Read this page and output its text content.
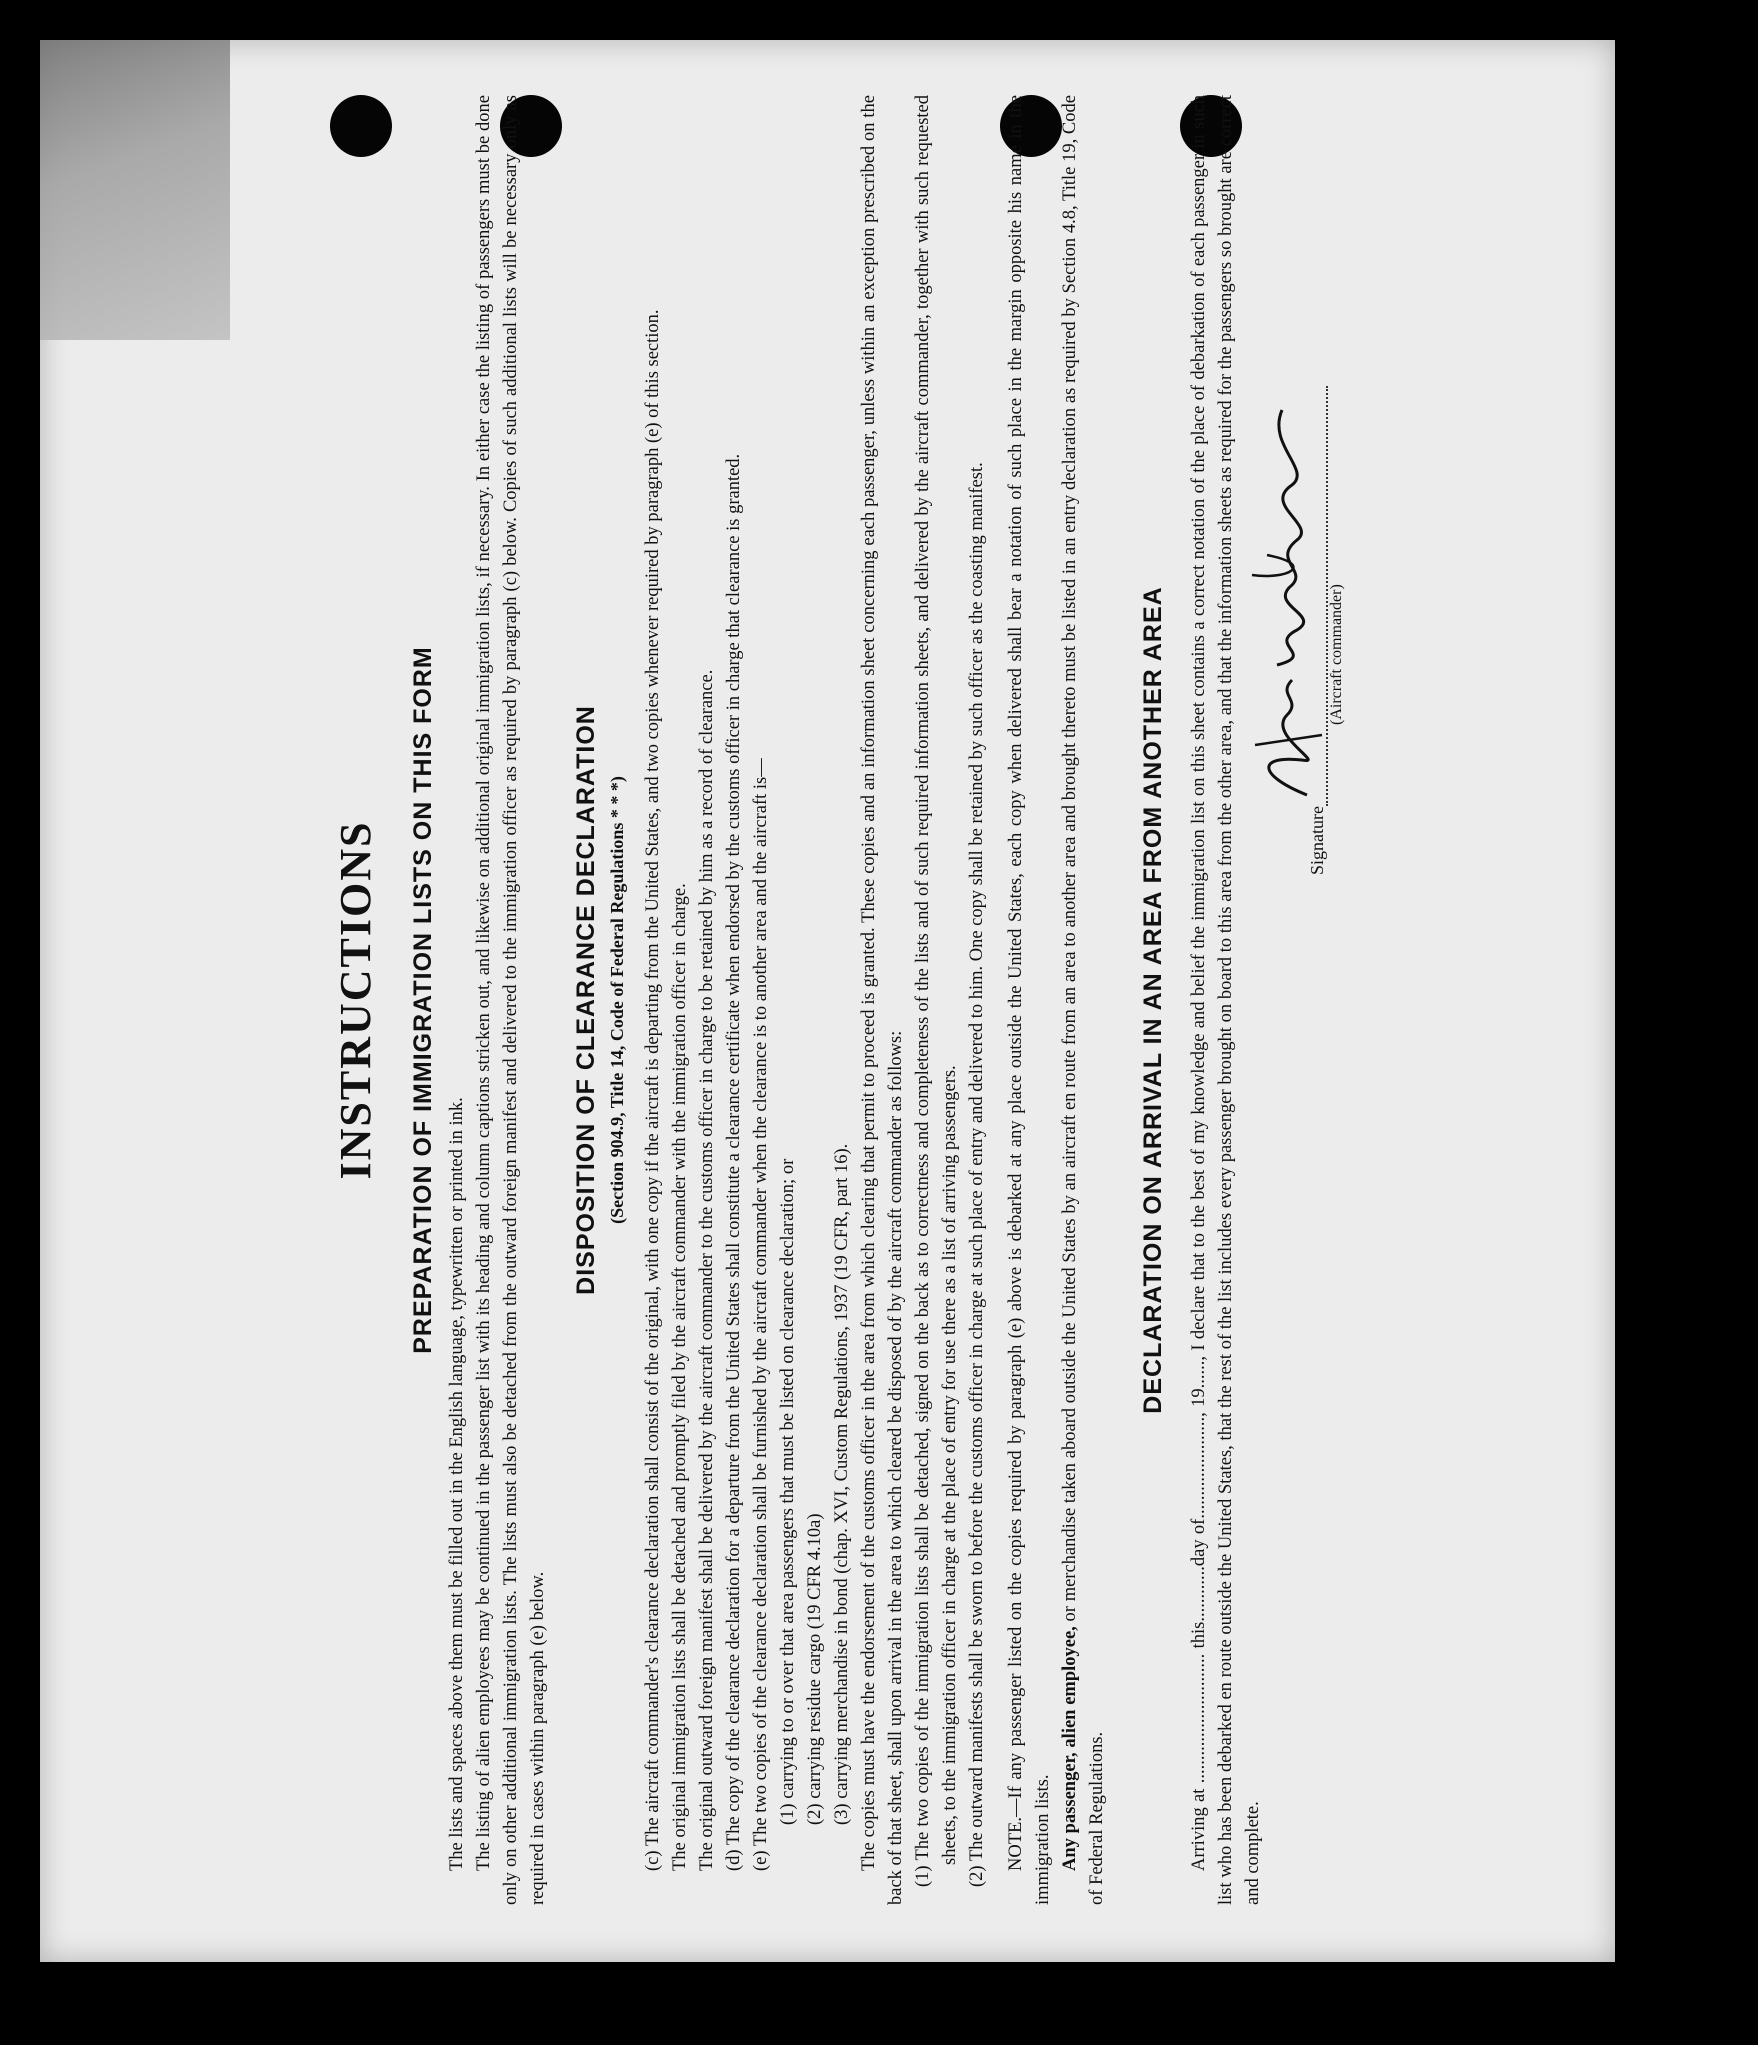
INSTRUCTIONS PREPARATION OF IMMIGRATION LISTS ON THIS FORM

The lists and spaces above them must be filled out in the English language, typewritten or printed in ink. The listing of alien employees may be continued in the passenger list with its heading and column captions stricken out, and likewise on additional original immigration lists, if necessary. In either case the listing of passengers must be done only on other additional immigration lists. The lists must also be detached from the outward foreign manifest and delivered to the immigration officer as required by paragraph (c) below. Copies of such additional lists will be necessary only as required in cases within paragraph (e) below.

DISPOSITION OF CLEARANCE DECLARATION (Section 904.9, Title 14, Code of Federal Regulations * * *) (c) The aircraft commander's clearance declaration shall consist of the original, with one copy if the aircraft is departing from the United States, and two copies whenever required by paragraph (e) of this section. The original immigration lists shall be detached and promptly filed by the aircraft commander with the immigration officer in charge. The original outward foreign manifest shall be delivered by the aircraft commander to the customs officer in charge to be retained by him as a record of clearance. (d) The copy of the clearance declaration for a departure from the United States shall constitute a clearance certificate when endorsed by the customs officer in charge that clearance is granted. (e) The two copies of the clearance declaration shall be furnished by the aircraft commander when the clearance is to another area and the aircraft is— (1) carrying to or over that area passengers that must be listed on clearance declaration; or (2) carrying residue cargo (19 CFR 4.10a) (3) carrying merchandise in bond (chap. XVI, Custom Regulations, 1937 (19 CFR, part 16). The copies must have the endorsement of the customs officer in the area from which clearing that permit to proceed is granted. These copies and an information sheet concerning each passenger, unless within an exception prescribed on the back of that sheet, shall upon arrival in the area to which cleared be disposed of by the aircraft commander as follows: (1) The two copies of the immigration lists shall be detached, signed on the back as to correctness and completeness of the lists and of such required information sheets, and delivered by the aircraft commander, together with such requested sheets, to the immigration officer in charge at the place of entry for use there as a list of arriving passengers. (2) The outward manifests shall be sworn to before the customs officer in charge at such place of entry and delivered to him. One copy shall be retained by such officer as the coasting manifest. NOTE.—If any passenger listed on the copies required by paragraph (e) above is debarked at any place outside the United States, each copy when delivered shall bear a notation of such place in the margin opposite his name in the immigration lists. Any passenger, alien employee, or merchandise taken aboard outside the United States by an aircraft en route from an area to another area and brought thereto must be listed in an entry declaration as required by Section 4.8, Title 19, Code of Federal Regulations.

DECLARATION ON ARRIVAL IN AN AREA FROM ANOTHER AREA

Arriving at ............................ this............day of......................, 19......, I declare that to the best of my knowledge and belief the immigration list on this sheet contains a correct notation of the place of debarkation of each passenger in such list who has been debarked en route outside the United States, that the rest of the list includes every passenger brought on board to this area from the other area, and that the information sheets as required for the passengers so brought are correct and complete.

Signature
(Aircraft commander)
